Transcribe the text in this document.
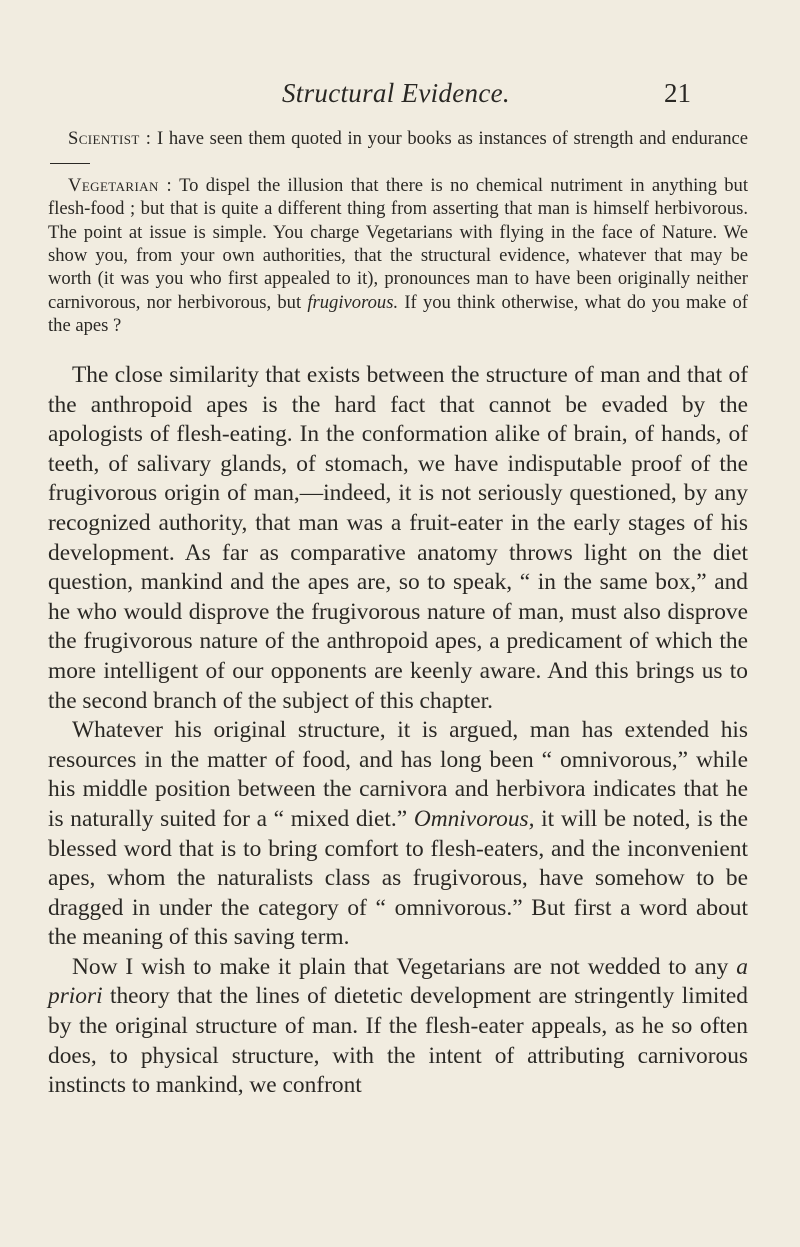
Structural Evidence.	21

Scientist : I have seen them quoted in your books as instances of strength and endurance

Vegetarian : To dispel the illusion that there is no chemical nutriment in anything but flesh-food ; but that is quite a different thing from asserting that man is himself herbivorous. The point at issue is simple. You charge Vegetarians with flying in the face of Nature. We show you, from your own authorities, that the structural evidence, whatever that may be worth (it was you who first appealed to it), pronounces man to have been originally neither carnivorous, nor herbivorous, but frugivorous. If you think otherwise, what do you make of the apes ?

The close similarity that exists between the structure of man and that of the anthropoid apes is the hard fact that cannot be evaded by the apologists of flesh-eating. In the conformation alike of brain, of hands, of teeth, of salivary glands, of stomach, we have indisputable proof of the frugivorous origin of man,—indeed, it is not seriously questioned, by any recognized authority, that man was a fruit-eater in the early stages of his development. As far as comparative anatomy throws light on the diet question, mankind and the apes are, so to speak, “ in the same box,” and he who would disprove the frugivorous nature of man, must also disprove the frugivorous nature of the anthropoid apes, a predicament of which the more intelligent of our opponents are keenly aware. And this brings us to the second branch of the subject of this chapter.

Whatever his original structure, it is argued, man has extended his resources in the matter of food, and has long been “ omnivorous,” while his middle position between the carnivora and herbivora indicates that he is naturally suited for a “ mixed diet.” Omnivorous, it will be noted, is the blessed word that is to bring comfort to flesh-eaters, and the inconvenient apes, whom the naturalists class as frugivorous, have somehow to be dragged in under the category of “ omnivorous.” But first a word about the meaning of this saving term.

Now I wish to make it plain that Vegetarians are not wedded to any a priori theory that the lines of dietetic development are stringently limited by the original structure of man. If the flesh-eater appeals, as he so often does, to physical structure, with the intent of attributing carnivorous instincts to mankind, we confront
